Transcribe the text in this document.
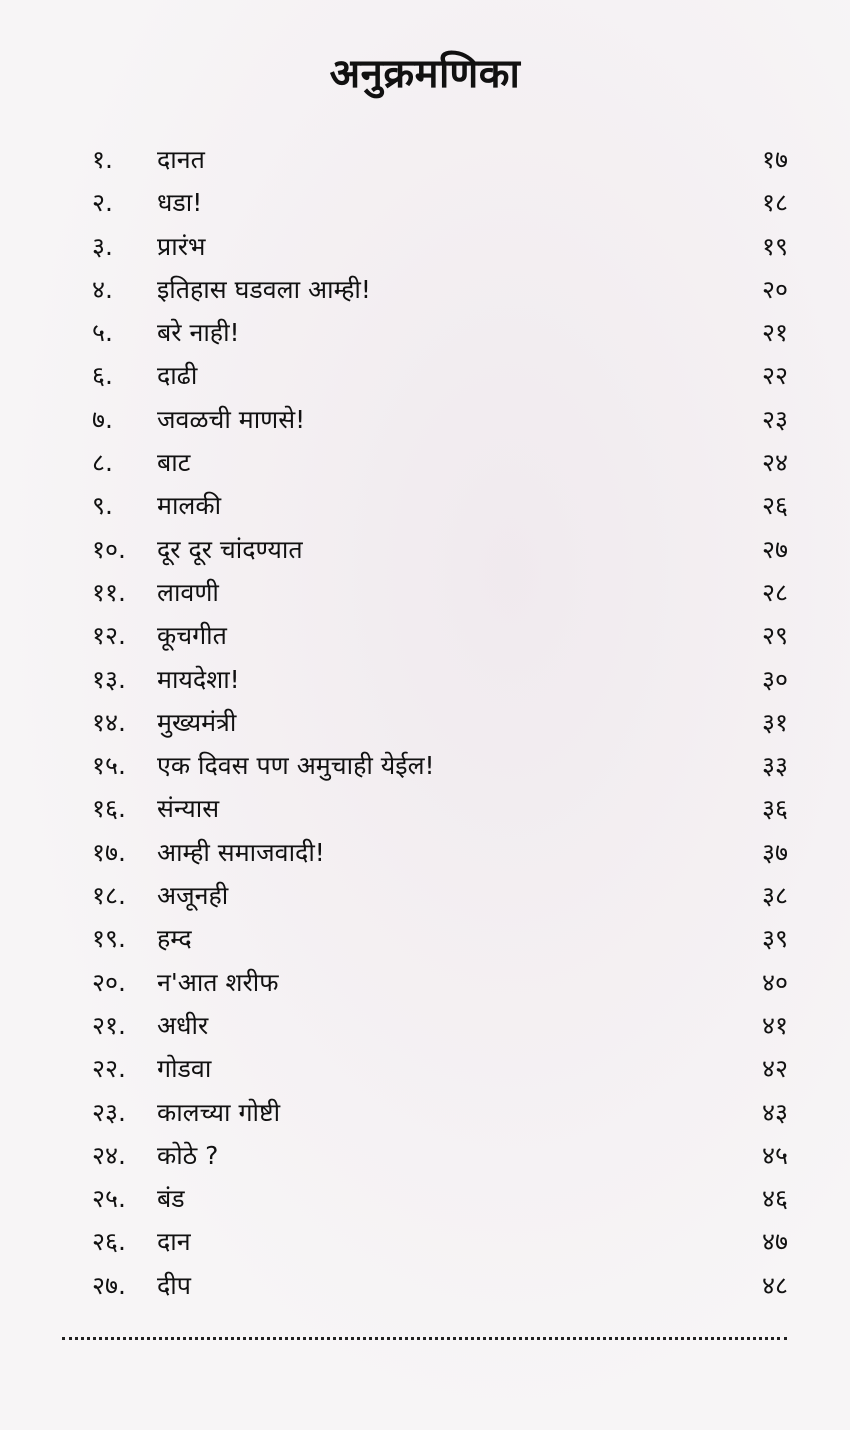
अनुक्रमणिका
१.	दानत	१७
२.	धडा!	१८
३.	प्रारंभ	१९
४.	इतिहास घडवला आम्ही!	२०
५.	बरे नाही!	२१
६.	दाढी	२२
७.	जवळची माणसे!	२३
८.	बाट	२४
९.	मालकी	२६
१०.	दूर दूर चांदण्यात	२७
११.	लावणी	२८
१२.	कूचगीत	२९
१३.	मायदेशा!	३०
१४.	मुख्यमंत्री	३१
१५.	एक दिवस पण अमुचाही येईल!	३३
१६.	संन्यास	३६
१७.	आम्ही समाजवादी!	३७
१८.	अजूनही	३८
१९.	हम्द	३९
२०.	न'आत शरीफ	४०
२१.	अधीर	४१
२२.	गोडवा	४२
२३.	कालच्या गोष्टी	४३
२४.	कोठे ?	४५
२५.	बंड	४६
२६.	दान	४७
२७.	दीप	४८
